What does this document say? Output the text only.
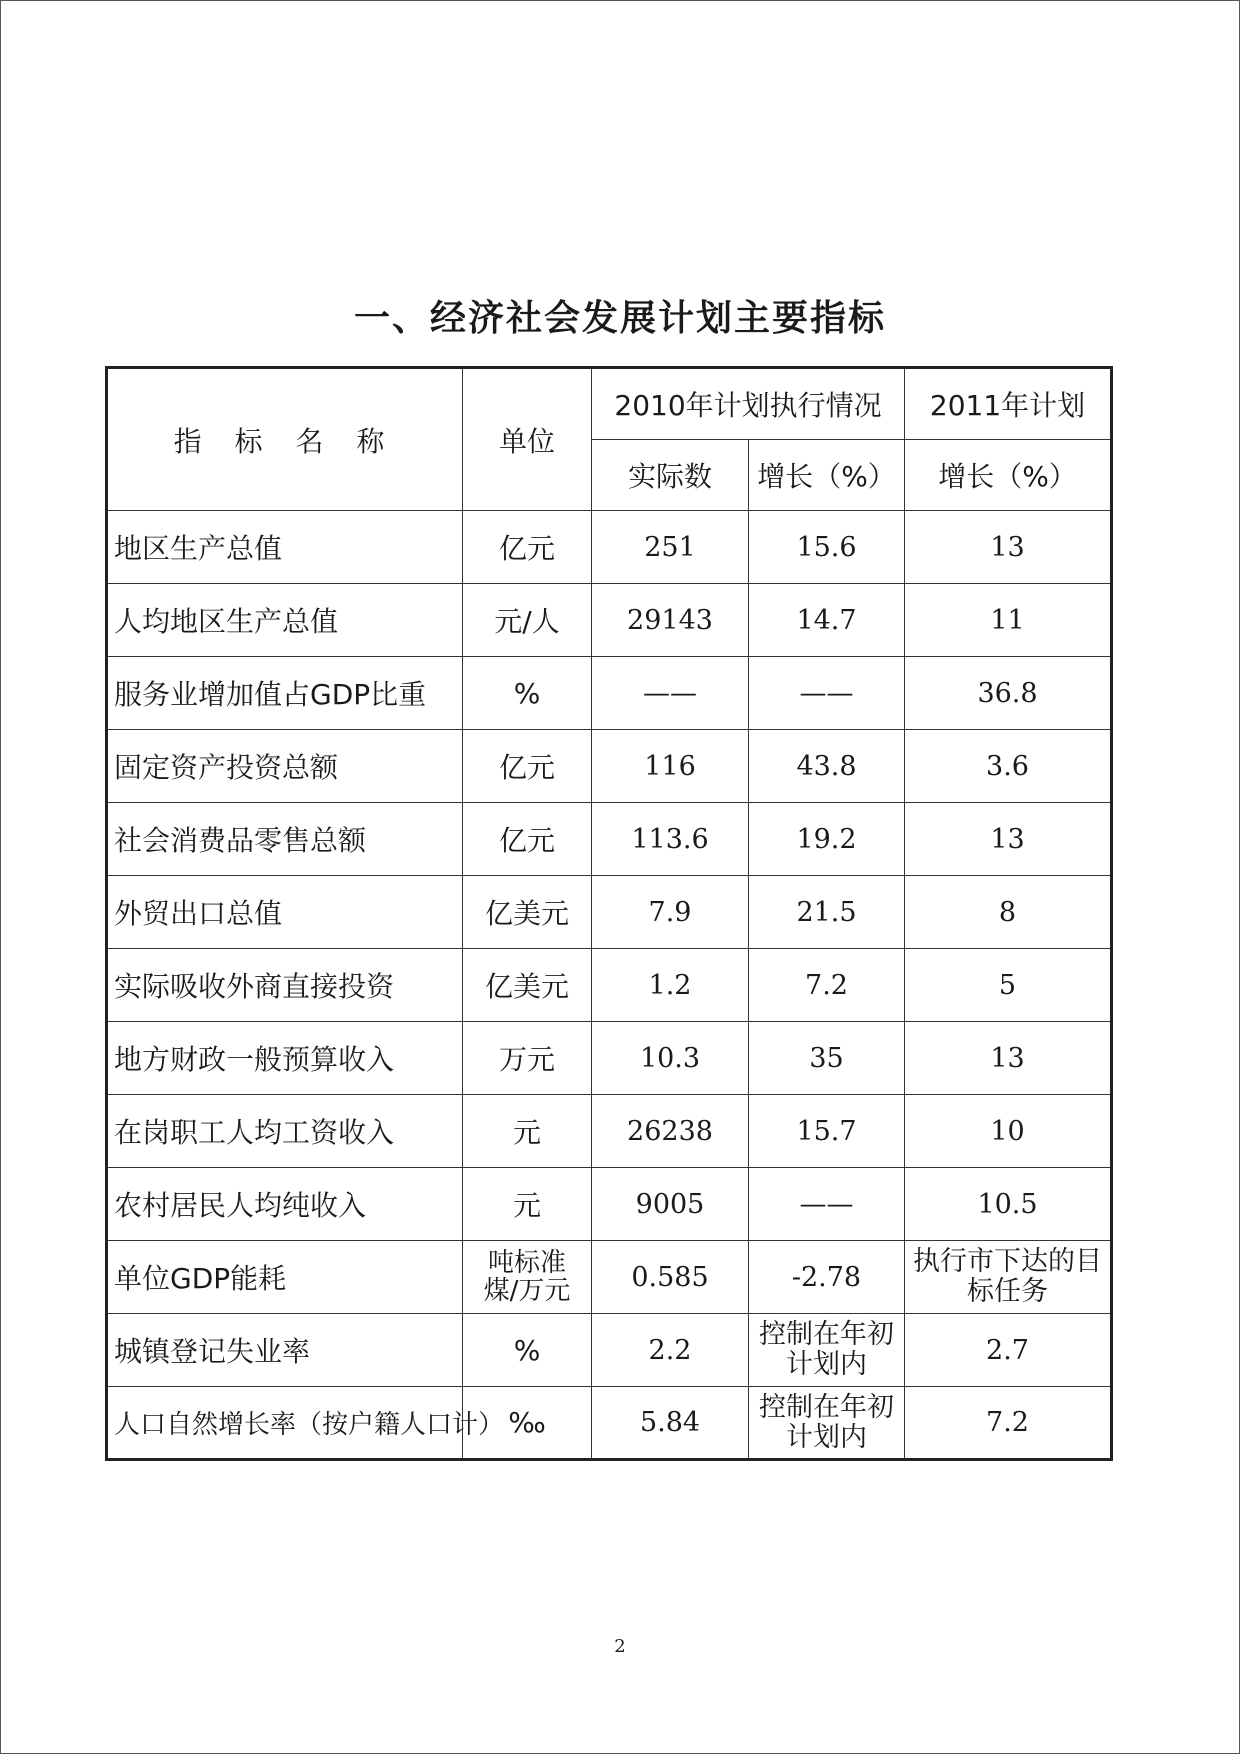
一、经济社会发展计划主要指标
指 标 名 称	单位	2010年计划执行情况		2011年计划
		实际数	增长（%）	增长（%）
地区生产总值	亿元	251	15.6	13
人均地区生产总值	元/人	29143	14.7	11
服务业增加值占GDP比重	%	——	——	36.8
固定资产投资总额	亿元	116	43.8	3.6
社会消费品零售总额	亿元	113.6	19.2	13
外贸出口总值	亿美元	7.9	21.5	8
实际吸收外商直接投资	亿美元	1.2	7.2	5
地方财政一般预算收入	万元	10.3	35	13
在岗职工人均工资收入	元	26238	15.7	10
农村居民人均纯收入	元	9005	——	10.5
单位GDP能耗	吨标准煤/万元	0.585	-2.78	执行市下达的目标任务
城镇登记失业率	%	2.2	控制在年初计划内	2.7
人口自然增长率（按户籍人口计）	‰	5.84	控制在年初计划内	7.2
2
